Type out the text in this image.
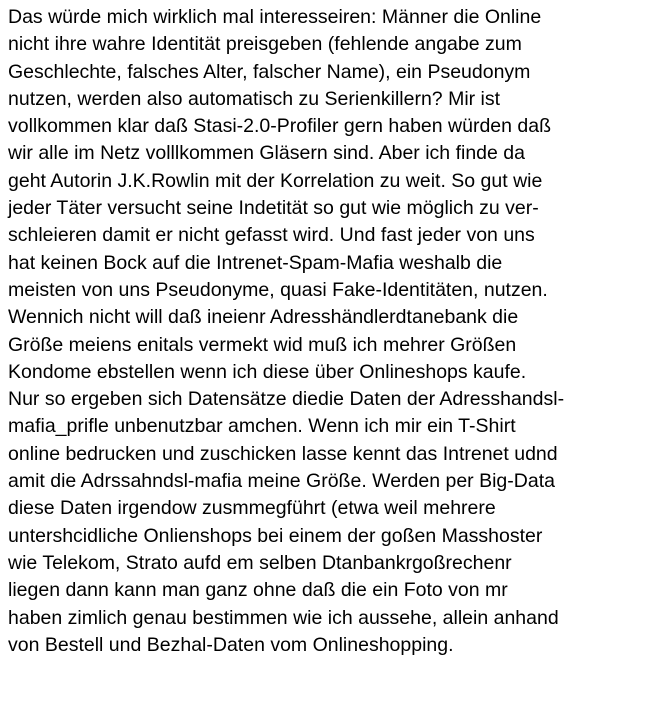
Das würde mich wirklich mal interesseiren: Männer die Online
nicht ihre wahre Identität preisgeben (fehlende angabe zum
Geschlechte, falsches Alter, falscher Name), ein Pseudonym
nutzen, werden also automatisch zu Serienkillern? Mir ist
vollkommen klar daß Stasi-2.0-Profiler gern haben würden daß
wir alle im Netz volllkommen Gläsern sind. Aber ich finde da
geht Autorin J.K.Rowlin mit der Korrelation zu weit. So gut wie
jeder Täter versucht seine Indetität so gut wie möglich zu ver-
schleieren damit er nicht gefasst wird. Und fast jeder von uns
hat keinen Bock auf die Intrenet-Spam-Mafia weshalb die
meisten von uns Pseudonyme, quasi Fake-Identitäten, nutzen.
Wennich nicht will daß ineienr Adresshändlerdtanebank die
Größe meiens enitals vermekt wid muß ich mehrer Größen
Kondome ebstellen wenn ich diese über Onlineshops kaufe.
Nur so ergeben sich Datensätze diedie Daten der Adresshandsl-
mafia_prifle unbenutzbar amchen. Wenn ich mir ein T-Shirt
online bedrucken und zuschicken lasse kennt das Intrenet udnd
amit die Adrssahndsl-mafia meine Größe. Werden per Big-Data
diese Daten irgendow zusmmegführt (etwa weil mehrere
untershcidliche Onlienshops bei einem der goßen Masshoster
wie Telekom, Strato aufd em selben Dtanbankrgoßrechenr
liegen dann kann man ganz ohne daß die ein Foto von mr
haben zimlich genau bestimmen wie ich aussehe, allein anhand
von Bestell und Bezhal-Daten vom Onlineshopping.
